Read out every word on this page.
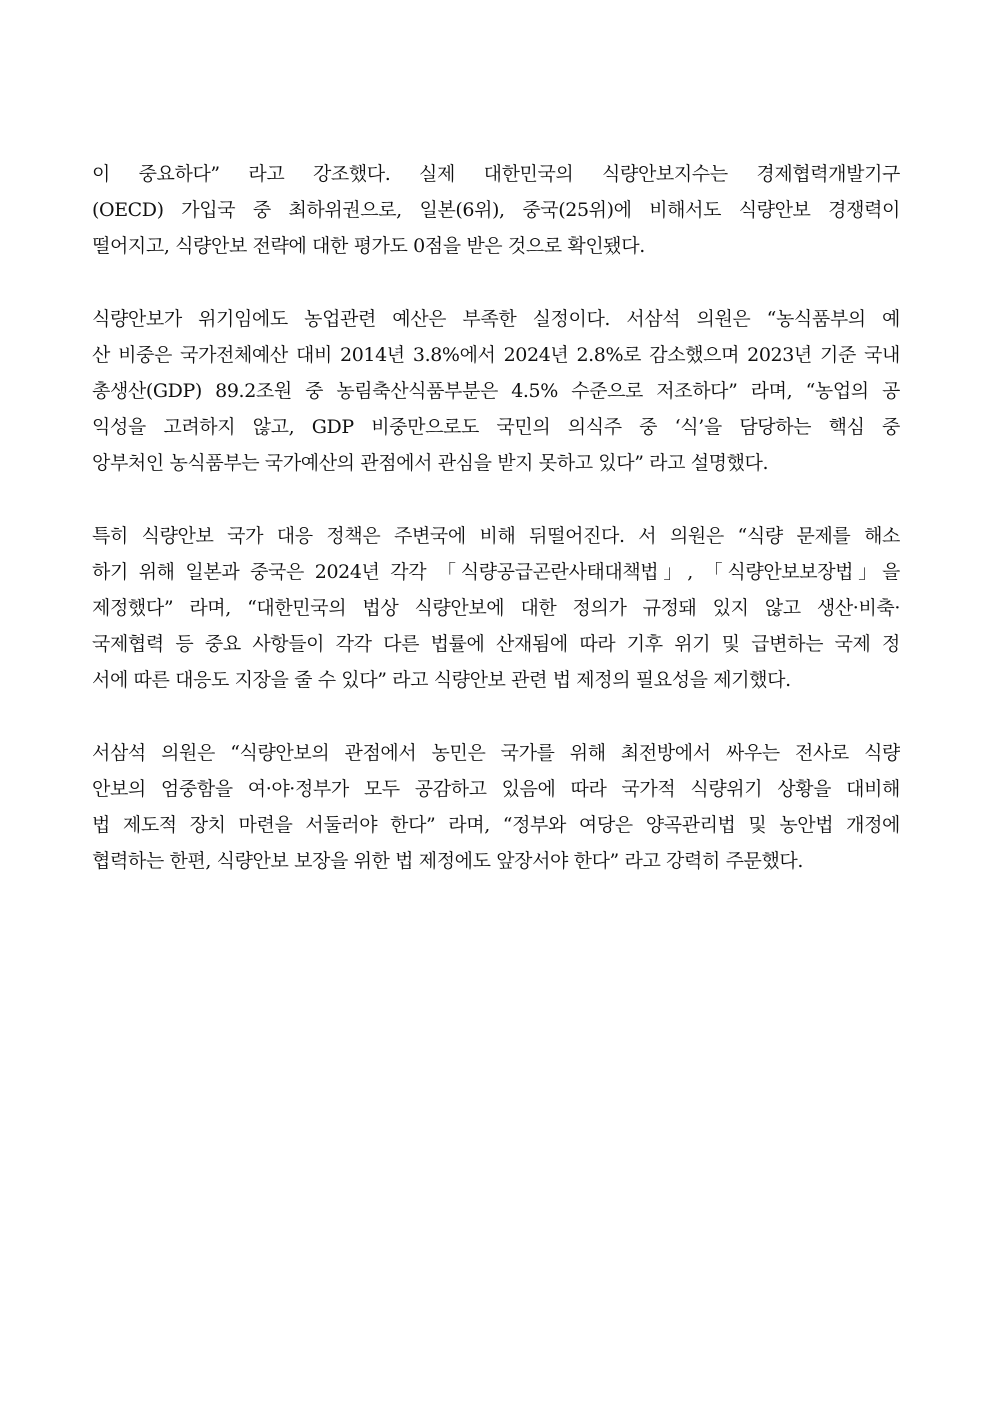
이 중요하다” 라고 강조했다. 실제 대한민국의 식량안보지수는 경제협력개발기구
(OECD) 가입국 중 최하위권으로, 일본(6위), 중국(25위)에 비해서도 식량안보 경쟁력이
떨어지고, 식량안보 전략에 대한 평가도 0점을 받은 것으로 확인됐다.
식량안보가 위기임에도 농업관련 예산은 부족한 실정이다. 서삼석 의원은 “농식품부의 예
산 비중은 국가전체예산 대비 2014년 3.8%에서 2024년 2.8%로 감소했으며 2023년 기준 국내
총생산(GDP) 89.2조원 중 농림축산식품부분은 4.5% 수준으로 저조하다” 라며, “농업의 공
익성을 고려하지 않고, GDP 비중만으로도 국민의 의식주 중 ‘식’을 담당하는 핵심 중
앙부처인 농식품부는 국가예산의 관점에서 관심을 받지 못하고 있다” 라고 설명했다.
특히 식량안보 국가 대응 정책은 주변국에 비해 뒤떨어진다. 서 의원은 “식량 문제를 해소
하기 위해 일본과 중국은 2024년 각각 「식량공급곤란사태대책법」, 「식량안보보장법」을
제정했다” 라며, “대한민국의 법상 식량안보에 대한 정의가 규정돼 있지 않고 생산·비축·
국제협력 등 중요 사항들이 각각 다른 법률에 산재됨에 따라 기후 위기 및 급변하는 국제 정
서에 따른 대응도 지장을 줄 수 있다” 라고 식량안보 관련 법 제정의 필요성을 제기했다.
서삼석 의원은 “식량안보의 관점에서 농민은 국가를 위해 최전방에서 싸우는 전사로 식량
안보의 엄중함을 여·야·정부가 모두 공감하고 있음에 따라 국가적 식량위기 상황을 대비해
법 제도적 장치 마련을 서둘러야 한다” 라며, “정부와 여당은 양곡관리법 및 농안법 개정에
협력하는 한편, 식량안보 보장을 위한 법 제정에도 앞장서야 한다” 라고 강력히 주문했다.
